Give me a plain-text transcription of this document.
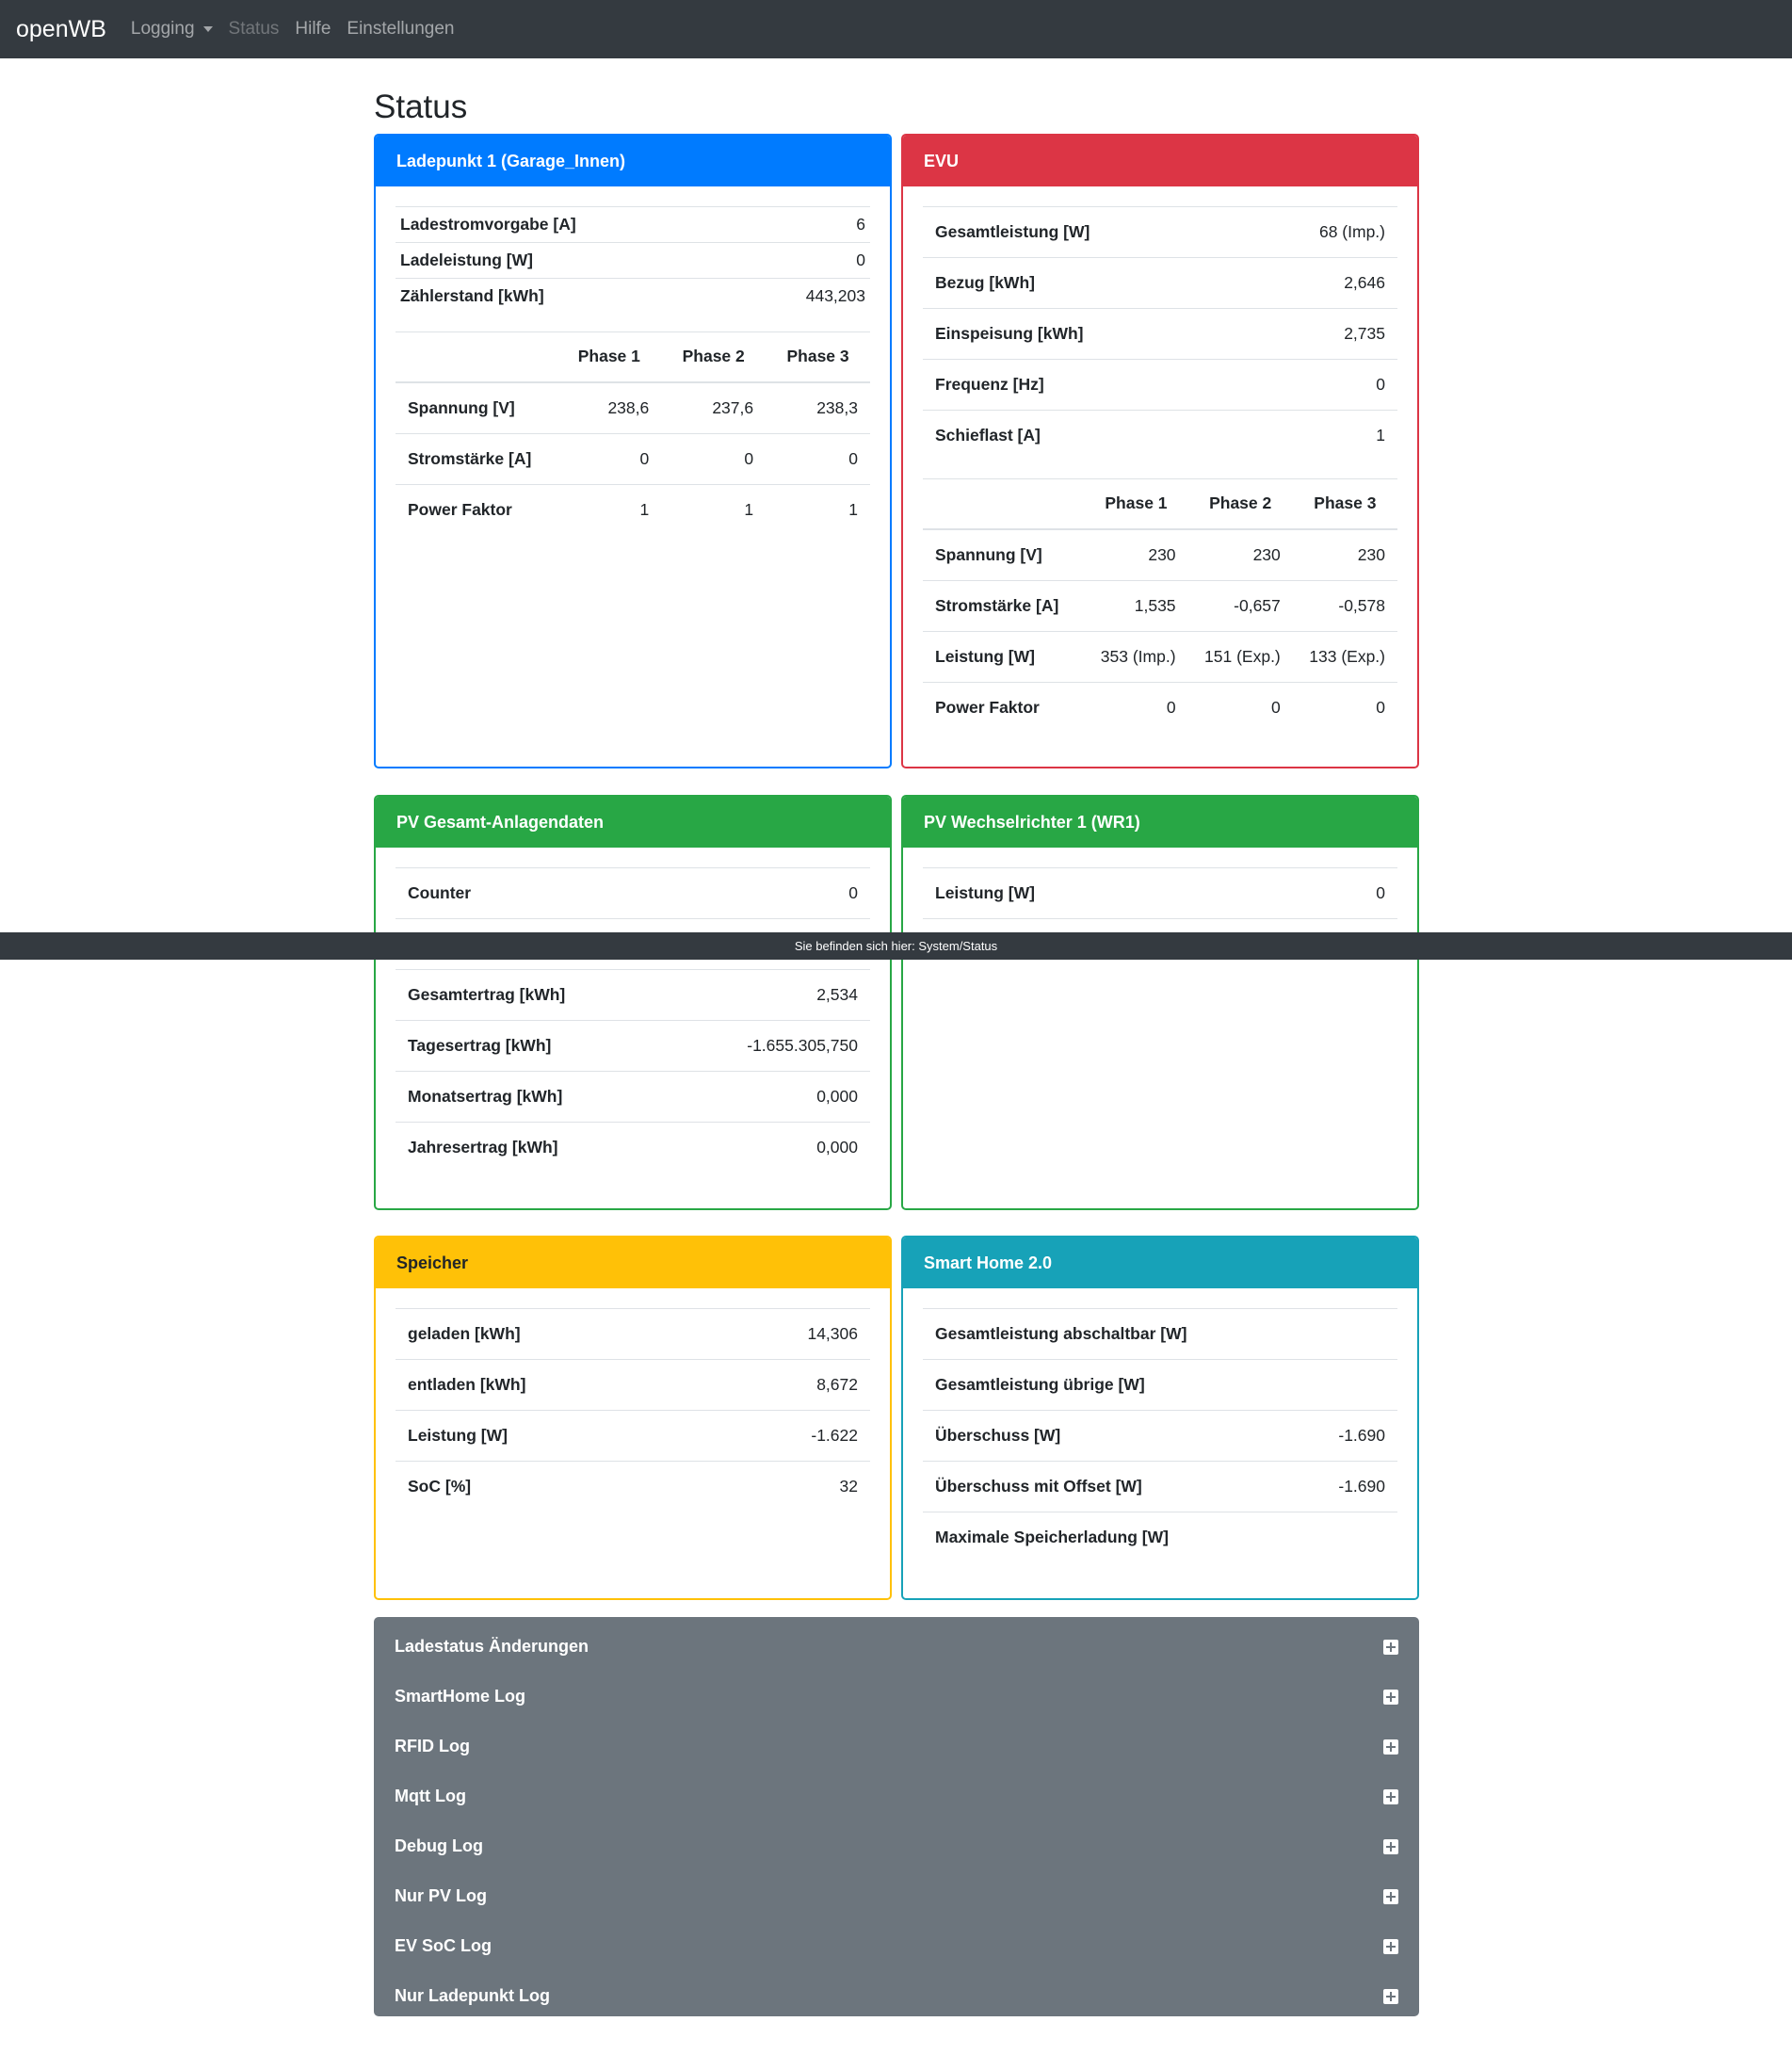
openWB Logging Status Hilfe Einstellungen
Status
Ladepunkt 1 (Garage_Innen)
Ladestromvorgabe [A]	6
Ladeleistung [W]	0
Zählerstand [kWh]	443,203
	Phase 1	Phase 2	Phase 3
Spannung [V]	238,6	237,6	238,3
Stromstärke [A]	0	0	0
Power Faktor	1	1	1
EVU
Gesamtleistung [W]	68 (Imp.)
Bezug [kWh]	2,646
Einspeisung [kWh]	2,735
Frequenz [Hz]	0
Schieflast [A]	1
	Phase 1	Phase 2	Phase 3
Spannung [V]	230	230	230
Stromstärke [A]	1,535	-0,657	-0,578
Leistung [W]	353 (Imp.)	151 (Exp.)	133 (Exp.)
Power Faktor	0	0	0
PV Gesamt-Anlagendaten
Counter	0

Gesamtertrag [kWh]	2,534
Tagesertrag [kWh]	-1.655.305,750
Monatsertrag [kWh]	0,000
Jahresertrag [kWh]	0,000
PV Wechselrichter 1 (WR1)
Leistung [W]	0

Speicher
geladen [kWh]	14,306
entladen [kWh]	8,672
Leistung [W]	-1.622
SoC [%]	32
Smart Home 2.0
Gesamtleistung abschaltbar [W]	
Gesamtleistung übrige [W]	
Überschuss [W]	-1.690
Überschuss mit Offset [W]	-1.690
Maximale Speicherladung [W]	
Ladestatus Änderungen
SmartHome Log
RFID Log
Mqtt Log
Debug Log
Nur PV Log
EV SoC Log
Nur Ladepunkt Log
Sie befinden sich hier: System/Status
